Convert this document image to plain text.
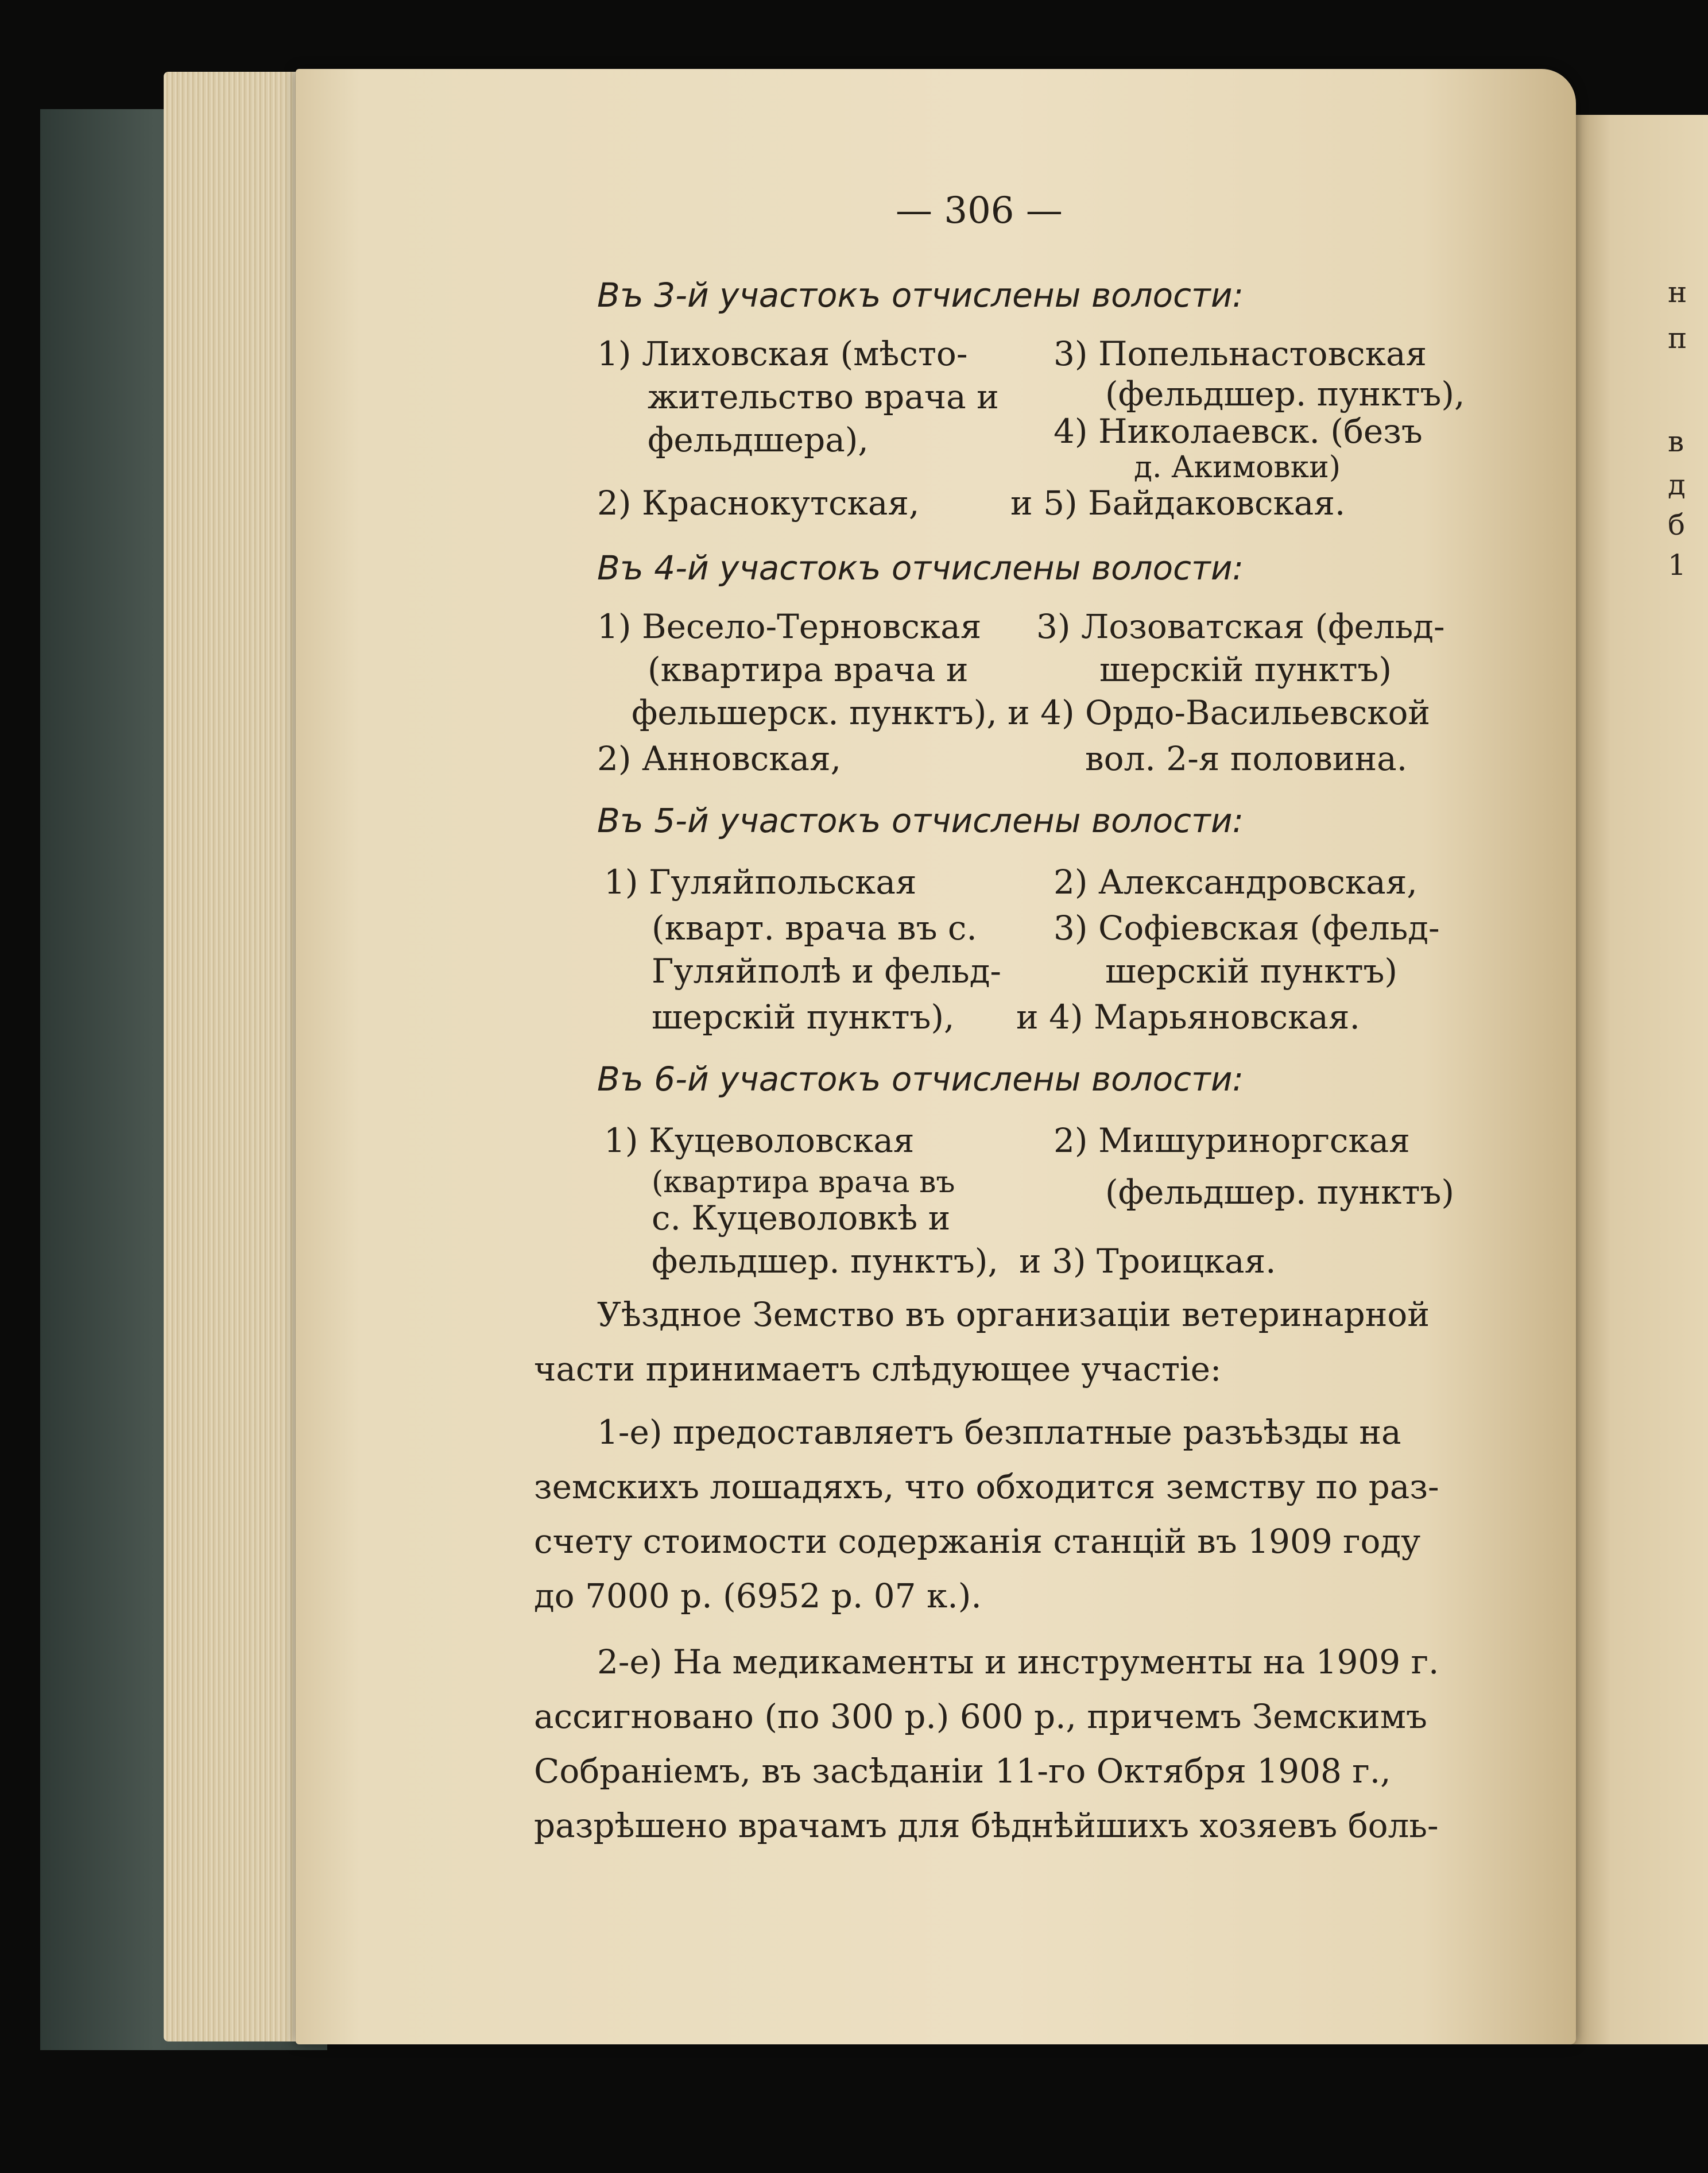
н
п
в
д
б
1
— 306 —
Въ 3-й участокъ отчислены волости:
1) Лиховская (мѣсто-
жительство врача и
фельдшера),
2) Краснокутская,
3) Попельнастовская
(фельдшер. пунктъ),
4) Николаевск. (безъ
д. Акимовки)
и 5) Байдаковская.
Въ 4-й участокъ отчислены волости:
1) Весело-Терновская
(квартира врача и
фельшерск. пунктъ),
2) Анновская,
3) Лозоватская (фельд-
шерскій пунктъ)
и 4) Ордо-Васильевской
вол. 2-я половина.
Въ 5-й участокъ отчислены волости:
1) Гуляйпольская
(кварт. врача въ с.
Гуляйполѣ и фельд-
шерскій пунктъ),
2) Александровская,
3) Софіевская (фельд-
шерскій пунктъ)
и 4) Марьяновская.
Въ 6-й участокъ отчислены волости:
1) Куцеволовская
(квартира врача въ
с. Куцеволовкѣ и
фельдшер. пунктъ),
2) Мишуриноргская
(фельдшер. пунктъ)
и 3) Троицкая.
Уѣздное Земство въ организаціи ветеринарной
части принимаетъ слѣдующее участіе:
1-е) предоставляетъ безплатные разъѣзды на
земскихъ лошадяхъ, что обходится земству по раз-
счету стоимости содержанія станцій въ 1909 году
до 7000 р. (6952 р. 07 к.).
2-е) На медикаменты и инструменты на 1909 г.
ассигновано (по 300 р.) 600 р., причемъ Земскимъ
Собраніемъ, въ засѣданіи 11-го Октября 1908 г.,
разрѣшено врачамъ для бѣднѣйшихъ хозяевъ боль-
